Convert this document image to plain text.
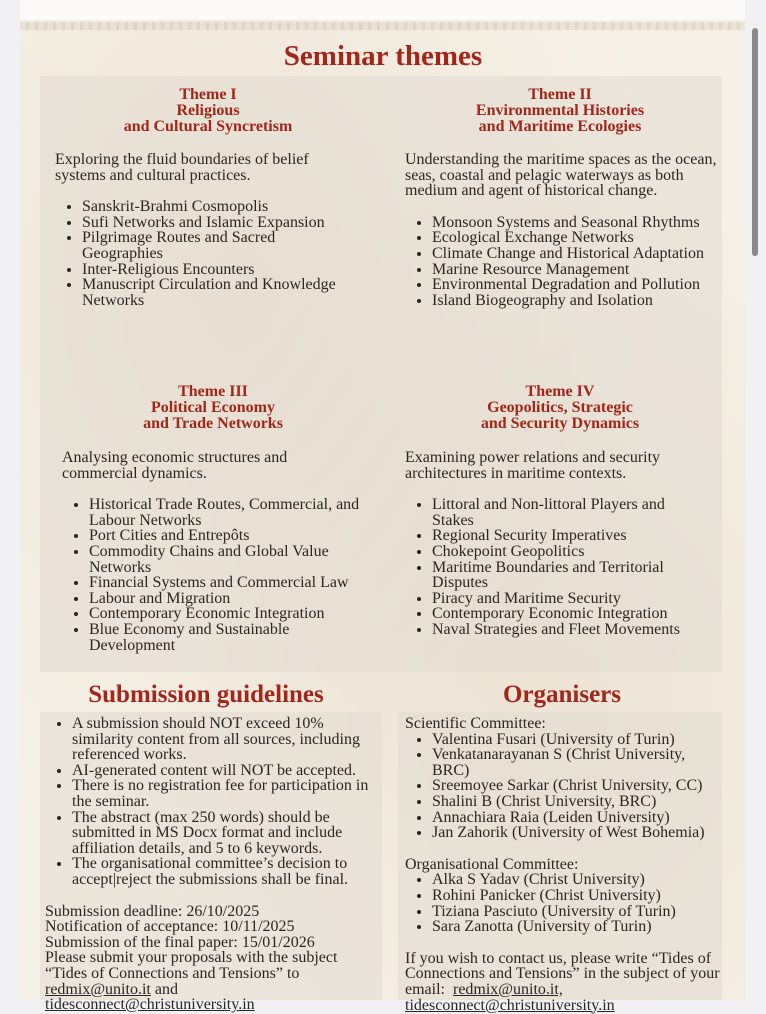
Seminar themes
Theme I
Religious
and Cultural Syncretism

Exploring the fluid boundaries of belief systems and cultural practices.

• Sanskrit-Brahmi Cosmopolis
• Sufi Networks and Islamic Expansion
• Pilgrimage Routes and Sacred Geographies
• Inter-Religious Encounters
• Manuscript Circulation and Knowledge Networks
Theme II
Environmental Histories
and Maritime Ecologies

Understanding the maritime spaces as the ocean, seas, coastal and pelagic waterways as both medium and agent of historical change.

• Monsoon Systems and Seasonal Rhythms
• Ecological Exchange Networks
• Climate Change and Historical Adaptation
• Marine Resource Management
• Environmental Degradation and Pollution
• Island Biogeography and Isolation
Theme III
Political Economy
and Trade Networks

Analysing economic structures and commercial dynamics.

• Historical Trade Routes, Commercial, and Labour Networks
• Port Cities and Entrepôts
• Commodity Chains and Global Value Networks
• Financial Systems and Commercial Law
• Labour and Migration
• Contemporary Economic Integration
• Blue Economy and Sustainable Development
Theme IV
Geopolitics, Strategic
and Security Dynamics

Examining power relations and security architectures in maritime contexts.

• Littoral and Non-littoral Players and Stakes
• Regional Security Imperatives
• Chokepoint Geopolitics
• Maritime Boundaries and Territorial Disputes
• Piracy and Maritime Security
• Contemporary Economic Integration
• Naval Strategies and Fleet Movements
Submission guidelines
• A submission should NOT exceed 10% similarity content from all sources, including referenced works.
• AI-generated content will NOT be accepted.
• There is no registration fee for participation in the seminar.
• The abstract (max 250 words) should be submitted in MS Docx format and include affiliation details, and 5 to 6 keywords.
• The organisational committee’s decision to accept|reject the submissions shall be final.

Submission deadline: 26/10/2025

Notification of acceptance: 10/11/2025

Submission of the final paper: 15/01/2026

Please submit your proposals with the subject “Tides of Connections and Tensions” to
redmix@unito.it and
tidesconnect@christuniversity.in

Organisers

Scientific Committee:

• Valentina Fusari (University of Turin)
• Venkatanarayanan S (Christ University, BRC)
• Sreemoyee Sarkar (Christ University, CC)
• Shalini B (Christ University, BRC)
• Annachiara Raia (Leiden University)
• Jan Zahorik (University of West Bohemia)

Organisational Committee:

• Alka S Yadav (Christ University)
• Rohini Panicker (Christ University)
• Tiziana Pasciuto (University of Turin)
• Sara Zanotta (University of Turin)

If you wish to contact us, please write “Tides of Connections and Tensions” in the subject of your email: redmix@unito.it,
tidesconnect@christuniversity.in
